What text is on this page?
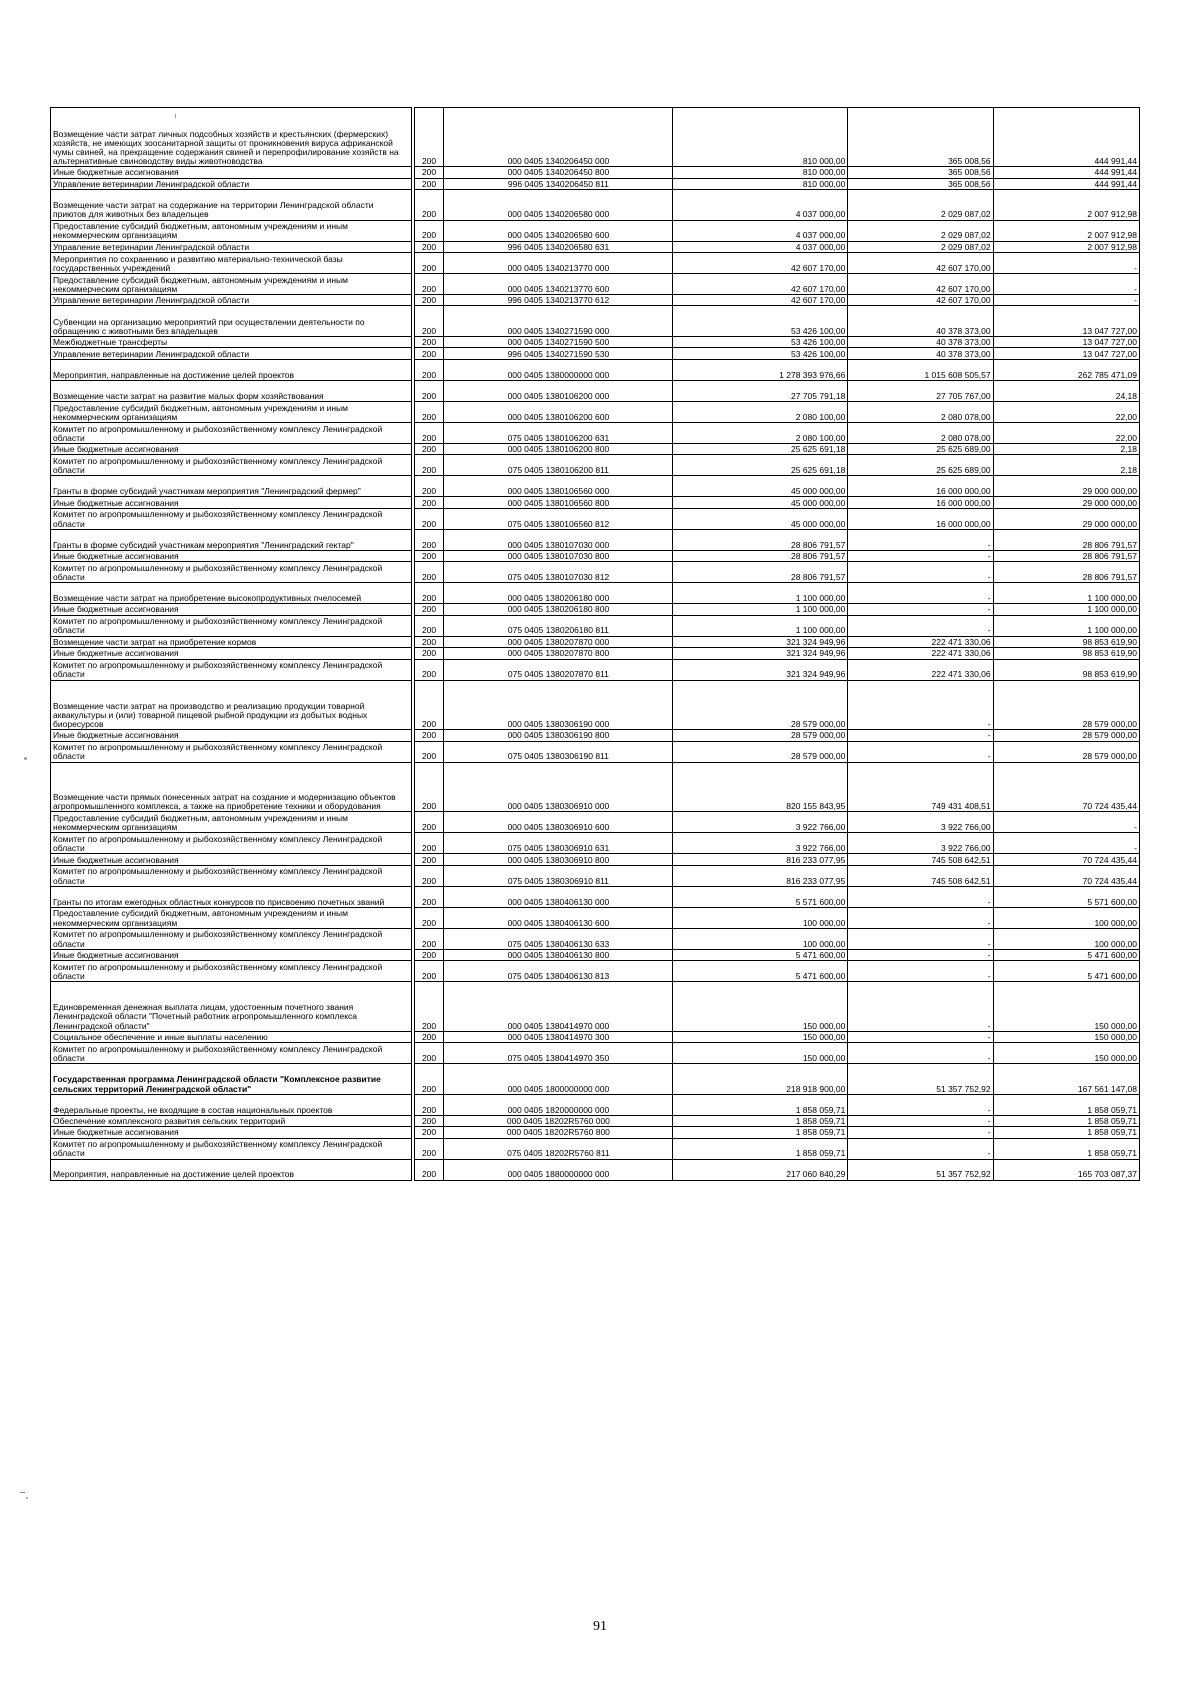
Возмещение части затрат личных подсобных хозяйств и крестьянских (фермерских) хозяйств, не имеющих зоосанитарной защиты от проникновения вируса африканской чумы свиней, на прекращение содержания свиней и перепрофилирование хозяйств на альтернативные свиноводству виды животноводства		200	000 0405 1340206450 000	810 000,00	365 008,56	444 991,44
Иные бюджетные ассигнования		200	000 0405 1340206450 800	810 000,00	365 008,56	444 991,44
Управление ветеринарии Ленинградской области		200	996 0405 1340206450 811	810 000,00	365 008,56	444 991,44
Возмещение части затрат на содержание на территории Ленинградской области приютов для животных без владельцев		200	000 0405 1340206580 000	4 037 000,00	2 029 087,02	2 007 912,98
Предоставление субсидий бюджетным, автономным учреждениям и иным некоммерческим организациям		200	000 0405 1340206580 600	4 037 000,00	2 029 087,02	2 007 912,98
Управление ветеринарии Ленинградской области		200	996 0405 1340206580 631	4 037 000,00	2 029 087,02	2 007 912,98
Мероприятия по сохранению и развитию материально-технической базы государственных учреждений		200	000 0405 1340213770 000	42 607 170,00	42 607 170,00	-
Предоставление субсидий бюджетным, автономным учреждениям и иным некоммерческим организациям		200	000 0405 1340213770 600	42 607 170,00	42 607 170,00	-
Управление ветеринарии Ленинградской области		200	996 0405 1340213770 612	42 607 170,00	42 607 170,00	-
Субвенции на организацию мероприятий при осуществлении деятельности по обращению с животными без владельцев		200	000 0405 1340271590 000	53 426 100,00	40 378 373,00	13 047 727,00
Межбюджетные трансферты		200	000 0405 1340271590 500	53 426 100,00	40 378 373,00	13 047 727,00
Управление ветеринарии Ленинградской области		200	996 0405 1340271590 530	53 426 100,00	40 378 373,00	13 047 727,00
Мероприятия, направленные на достижение целей проектов		200	000 0405 1380000000 000	1 278 393 976,66	1 015 608 505,57	262 785 471,09
Возмещение части затрат на развитие малых форм хозяйствования		200	000 0405 1380106200 000	27 705 791,18	27 705 767,00	24,18
Предоставление субсидий бюджетным, автономным учреждениям и иным некоммерческим организациям		200	000 0405 1380106200 600	2 080 100,00	2 080 078,00	22,00
Комитет по агропромышленному и рыбохозяйственному комплексу Ленинградской области		200	075 0405 1380106200 631	2 080 100,00	2 080 078,00	22,00
Иные бюджетные ассигнования		200	000 0405 1380106200 800	25 625 691,18	25 625 689,00	2,18
Комитет по агропромышленному и рыбохозяйственному комплексу Ленинградской области		200	075 0405 1380106200 811	25 625 691,18	25 625 689,00	2,18
Гранты в форме субсидий участникам мероприятия "Ленинградский фермер"		200	000 0405 1380106560 000	45 000 000,00	16 000 000,00	29 000 000,00
Иные бюджетные ассигнования		200	000 0405 1380106560 800	45 000 000,00	16 000 000,00	29 000 000,00
Комитет по агропромышленному и рыбохозяйственному комплексу Ленинградской области		200	075 0405 1380106560 812	45 000 000,00	16 000 000,00	29 000 000,00
Гранты в форме субсидий участникам мероприятия "Ленинградский гектар"		200	000 0405 1380107030 000	28 806 791,57	-	28 806 791,57
Иные бюджетные ассигнования		200	000 0405 1380107030 800	28 806 791,57	-	28 806 791,57
Комитет по агропромышленному и рыбохозяйственному комплексу Ленинградской области		200	075 0405 1380107030 812	28 806 791,57	-	28 806 791,57
Возмещение части затрат на приобретение высокопродуктивных пчелосемей		200	000 0405 1380206180 000	1 100 000,00	-	1 100 000,00
Иные бюджетные ассигнования		200	000 0405 1380206180 800	1 100 000,00	-	1 100 000,00
Комитет по агропромышленному и рыбохозяйственному комплексу Ленинградской области		200	075 0405 1380206180 811	1 100 000,00	-	1 100 000,00
Возмещение части затрат на приобретение кормов		200	000 0405 1380207870 000	321 324 949,96	222 471 330,06	98 853 619,90
Иные бюджетные ассигнования		200	000 0405 1380207870 800	321 324 949,96	222 471 330,06	98 853 619,90
Комитет по агропромышленному и рыбохозяйственному комплексу Ленинградской области		200	075 0405 1380207870 811	321 324 949,96	222 471 330,06	98 853 619,90
Возмещение части затрат на производство и реализацию продукции товарной аквакультуры и (или) товарной пищевой рыбной продукции из добытых водных биоресурсов		200	000 0405 1380306190 000	28 579 000,00	-	28 579 000,00
Иные бюджетные ассигнования		200	000 0405 1380306190 800	28 579 000,00	-	28 579 000,00
Комитет по агропромышленному и рыбохозяйственному комплексу Ленинградской области		200	075 0405 1380306190 811	28 579 000,00	-	28 579 000,00
Возмещение части прямых понесенных затрат на создание и модернизацию объектов агропромышленного комплекса, а также на приобретение техники и оборудования		200	000 0405 1380306910 000	820 155 843,95	749 431 408,51	70 724 435,44
Предоставление субсидий бюджетным, автономным учреждениям и иным некоммерческим организациям		200	000 0405 1380306910 600	3 922 766,00	3 922 766,00	-
Комитет по агропромышленному и рыбохозяйственному комплексу Ленинградской области		200	075 0405 1380306910 631	3 922 766,00	3 922 766,00	-
Иные бюджетные ассигнования		200	000 0405 1380306910 800	816 233 077,95	745 508 642,51	70 724 435,44
Комитет по агропромышленному и рыбохозяйственному комплексу Ленинградской области		200	075 0405 1380306910 811	816 233 077,95	745 508 642,51	70 724 435,44
Гранты по итогам ежегодных областных конкурсов по присвоению почетных званий		200	000 0405 1380406130 000	5 571 600,00	-	5 571 600,00
Предоставление субсидий бюджетным, автономным учреждениям и иным некоммерческим организациям		200	000 0405 1380406130 600	100 000,00	-	100 000,00
Комитет по агропромышленному и рыбохозяйственному комплексу Ленинградской области		200	075 0405 1380406130 633	100 000,00	-	100 000,00
Иные бюджетные ассигнования		200	000 0405 1380406130 800	5 471 600,00	-	5 471 600,00
Комитет по агропромышленному и рыбохозяйственному комплексу Ленинградской области		200	075 0405 1380406130 813	5 471 600,00	-	5 471 600,00
Единовременная денежная выплата лицам, удостоенным почетного звания Ленинградской области "Почетный работник агропромышленного комплекса Ленинградской области"		200	000 0405 1380414970 000	150 000,00	-	150 000,00
Социальное обеспечение и иные выплаты населению		200	000 0405 1380414970 300	150 000,00	-	150 000,00
Комитет по агропромышленному и рыбохозяйственному комплексу Ленинградской области		200	075 0405 1380414970 350	150 000,00	-	150 000,00
Государственная программа Ленинградской области "Комплексное развитие сельских территорий Ленинградской области"		200	000 0405 1800000000 000	218 918 900,00	51 357 752,92	167 561 147,08
Федеральные проекты, не входящие в состав национальных проектов		200	000 0405 1820000000 000	1 858 059,71	-	1 858 059,71
Обеспечение комплексного развития сельских территорий		200	000 0405 18202R5760 000	1 858 059,71	-	1 858 059,71
Иные бюджетные ассигнования		200	000 0405 18202R5760 800	1 858 059,71	-	1 858 059,71
Комитет по агропромышленному и рыбохозяйственному комплексу Ленинградской области		200	075 0405 18202R5760 811	1 858 059,71	-	1 858 059,71
Мероприятия, направленные на достижение целей проектов		200	000 0405 1880000000 000	217 060 840,29	51 357 752,92	165 703 087,37
91
